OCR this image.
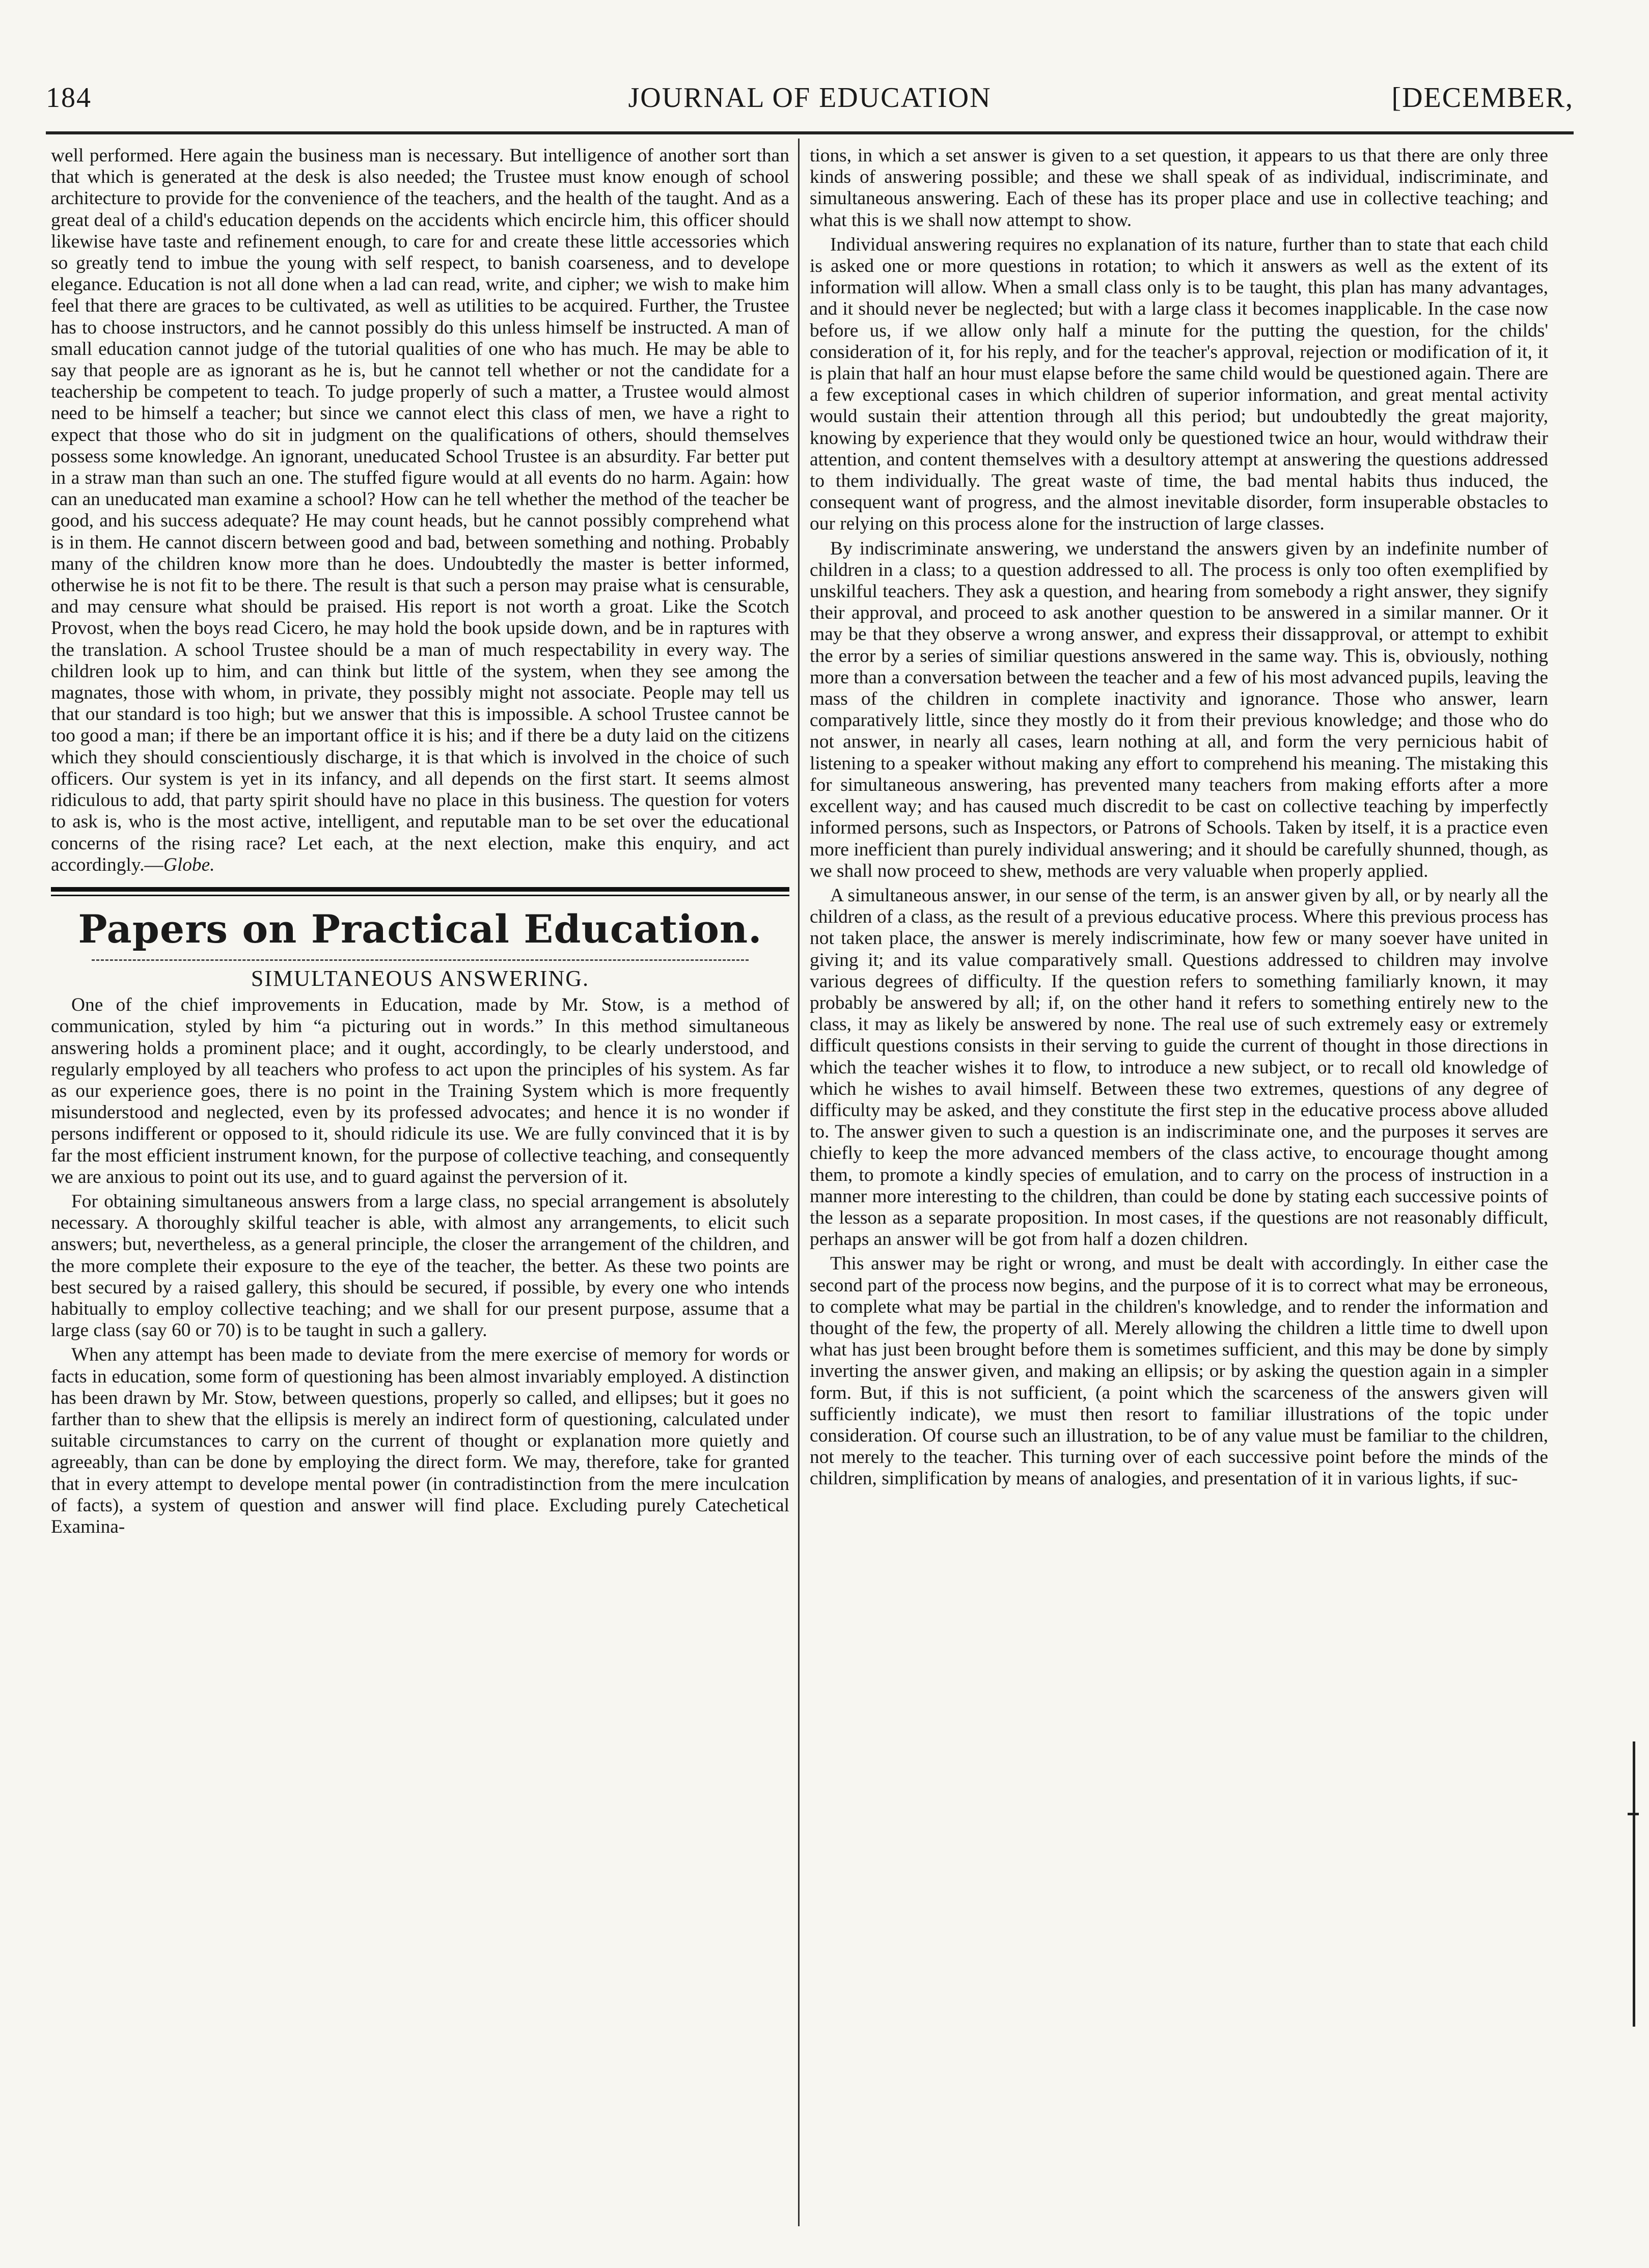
184	JOURNAL OF EDUCATION	[DECEMBER,

well performed. Here again the business man is necessary. But intelligence of another sort than that which is generated at the desk is also needed; the Trustee must know enough of school architecture to provide for the convenience of the teachers, and the health of the taught. And as a great deal of a child's education depends on the accidents which encircle him, this officer should likewise have taste and refinement enough, to care for and create these little accessories which so greatly tend to imbue the young with self respect, to banish coarseness, and to develope elegance. Education is not all done when a lad can read, write, and cipher; we wish to make him feel that there are graces to be cultivated, as well as utilities to be acquired. Further, the Trustee has to choose instructors, and he cannot possibly do this unless himself be instructed. A man of small education cannot judge of the tutorial qualities of one who has much. He may be able to say that people are as ignorant as he is, but he cannot tell whether or not the candidate for a teachership be competent to teach. To judge properly of such a matter, a Trustee would almost need to be himself a teacher; but since we cannot elect this class of men, we have a right to expect that those who do sit in judgment on the qualifications of others, should themselves possess some knowledge. An ignorant, uneducated School Trustee is an absurdity. Far better put in a straw man than such an one. The stuffed figure would at all events do no harm. Again: how can an uneducated man examine a school? How can he tell whether the method of the teacher be good, and his success adequate? He may count heads, but he cannot possibly comprehend what is in them. He cannot discern between good and bad, between something and nothing. Probably many of the children know more than he does. Undoubtedly the master is better informed, otherwise he is not fit to be there. The result is that such a person may praise what is censurable, and may censure what should be praised. His report is not worth a groat. Like the Scotch Provost, when the boys read Cicero, he may hold the book upside down, and be in raptures with the translation. A school Trustee should be a man of much respectability in every way. The children look up to him, and can think but little of the system, when they see among the magnates, those with whom, in private, they possibly might not associate. People may tell us that our standard is too high; but we answer that this is impossible. A school Trustee cannot be too good a man; if there be an important office it is his; and if there be a duty laid on the citizens which they should conscientiously discharge, it is that which is involved in the choice of such officers. Our system is yet in its infancy, and all depends on the first start. It seems almost ridiculous to add, that party spirit should have no place in this business. The question for voters to ask is, who is the most active, intelligent, and reputable man to be set over the educational concerns of the rising race? Let each, at the next election, make this enquiry, and act accordingly.—Globe.

Papers on Practical Education.
SIMULTANEOUS ANSWERING.

One of the chief improvements in Education, made by Mr. Stow, is a method of communication, styled by him “a picturing out in words.” In this method simultaneous answering holds a prominent place; and it ought, accordingly, to be clearly understood, and regularly employed by all teachers who profess to act upon the principles of his system. As far as our experience goes, there is no point in the Training System which is more frequently misunderstood and neglected, even by its professed advocates; and hence it is no wonder if persons indifferent or opposed to it, should ridicule its use. We are fully convinced that it is by far the most efficient instrument known, for the purpose of collective teaching, and consequently we are anxious to point out its use, and to guard against the perversion of it.

For obtaining simultaneous answers from a large class, no special arrangement is absolutely necessary. A thoroughly skilful teacher is able, with almost any arrangements, to elicit such answers; but, nevertheless, as a general principle, the closer the arrangement of the children, and the more complete their exposure to the eye of the teacher, the better. As these two points are best secured by a raised gallery, this should be secured, if possible, by every one who intends habitually to employ collective teaching; and we shall for our present purpose, assume that a large class (say 60 or 70) is to be taught in such a gallery.

When any attempt has been made to deviate from the mere exercise of memory for words or facts in education, some form of questioning has been almost invariably employed. A distinction has been drawn by Mr. Stow, between questions, properly so called, and ellipses; but it goes no farther than to shew that the ellipsis is merely an indirect form of questioning, calculated under suitable circumstances to carry on the current of thought or explanation more quietly and agreeably, than can be done by employing the direct form. We may, therefore, take for granted that in every attempt to develope mental power (in contradistinction from the mere inculcation of facts), a system of question and answer will find place. Excluding purely Catechetical Examina-

tions, in which a set answer is given to a set question, it appears to us that there are only three kinds of answering possible; and these we shall speak of as individual, indiscriminate, and simultaneous answering. Each of these has its proper place and use in collective teaching; and what this is we shall now attempt to show.

Individual answering requires no explanation of its nature, further than to state that each child is asked one or more questions in rotation; to which it answers as well as the extent of its information will allow. When a small class only is to be taught, this plan has many advantages, and it should never be neglected; but with a large class it becomes inapplicable. In the case now before us, if we allow only half a minute for the putting the question, for the childs' consideration of it, for his reply, and for the teacher's approval, rejection or modification of it, it is plain that half an hour must elapse before the same child would be questioned again. There are a few exceptional cases in which children of superior information, and great mental activity would sustain their attention through all this period; but undoubtedly the great majority, knowing by experience that they would only be questioned twice an hour, would withdraw their attention, and content themselves with a desultory attempt at answering the questions addressed to them individually. The great waste of time, the bad mental habits thus induced, the consequent want of progress, and the almost inevitable disorder, form insuperable obstacles to our relying on this process alone for the instruction of large classes.

By indiscriminate answering, we understand the answers given by an indefinite number of children in a class; to a question addressed to all. The process is only too often exemplified by unskilful teachers. They ask a question, and hearing from somebody a right answer, they signify their approval, and proceed to ask another question to be answered in a similar manner. Or it may be that they observe a wrong answer, and express their dissapproval, or attempt to exhibit the error by a series of similiar questions answered in the same way. This is, obviously, nothing more than a conversation between the teacher and a few of his most advanced pupils, leaving the mass of the children in complete inactivity and ignorance. Those who answer, learn comparatively little, since they mostly do it from their previous knowledge; and those who do not answer, in nearly all cases, learn nothing at all, and form the very pernicious habit of listening to a speaker without making any effort to comprehend his meaning. The mistaking this for simultaneous answering, has prevented many teachers from making efforts after a more excellent way; and has caused much discredit to be cast on collective teaching by imperfectly informed persons, such as Inspectors, or Patrons of Schools. Taken by itself, it is a practice even more inefficient than purely individual answering; and it should be carefully shunned, though, as we shall now proceed to shew, methods are very valuable when properly applied.

A simultaneous answer, in our sense of the term, is an answer given by all, or by nearly all the children of a class, as the result of a previous educative process. Where this previous process has not taken place, the answer is merely indiscriminate, how few or many soever have united in giving it; and its value comparatively small. Questions addressed to children may involve various degrees of difficulty. If the question refers to something familiarly known, it may probably be answered by all; if, on the other hand it refers to something entirely new to the class, it may as likely be answered by none. The real use of such extremely easy or extremely difficult questions consists in their serving to guide the current of thought in those directions in which the teacher wishes it to flow, to introduce a new subject, or to recall old knowledge of which he wishes to avail himself. Between these two extremes, questions of any degree of difficulty may be asked, and they constitute the first step in the educative process above alluded to. The answer given to such a question is an indiscriminate one, and the purposes it serves are chiefly to keep the more advanced members of the class active, to encourage thought among them, to promote a kindly species of emulation, and to carry on the process of instruction in a manner more interesting to the children, than could be done by stating each successive points of the lesson as a separate proposition. In most cases, if the questions are not reasonably difficult, perhaps an answer will be got from half a dozen children.

This answer may be right or wrong, and must be dealt with accordingly. In either case the second part of the process now begins, and the purpose of it is to correct what may be erroneous, to complete what may be partial in the children's knowledge, and to render the information and thought of the few, the property of all. Merely allowing the children a little time to dwell upon what has just been brought before them is sometimes sufficient, and this may be done by simply inverting the answer given, and making an ellipsis; or by asking the question again in a simpler form. But, if this is not sufficient, (a point which the scarceness of the answers given will sufficiently indicate), we must then resort to familiar illustrations of the topic under consideration. Of course such an illustration, to be of any value must be familiar to the children, not merely to the teacher. This turning over of each successive point before the minds of the children, simplification by means of analogies, and presentation of it in various lights, if suc-
